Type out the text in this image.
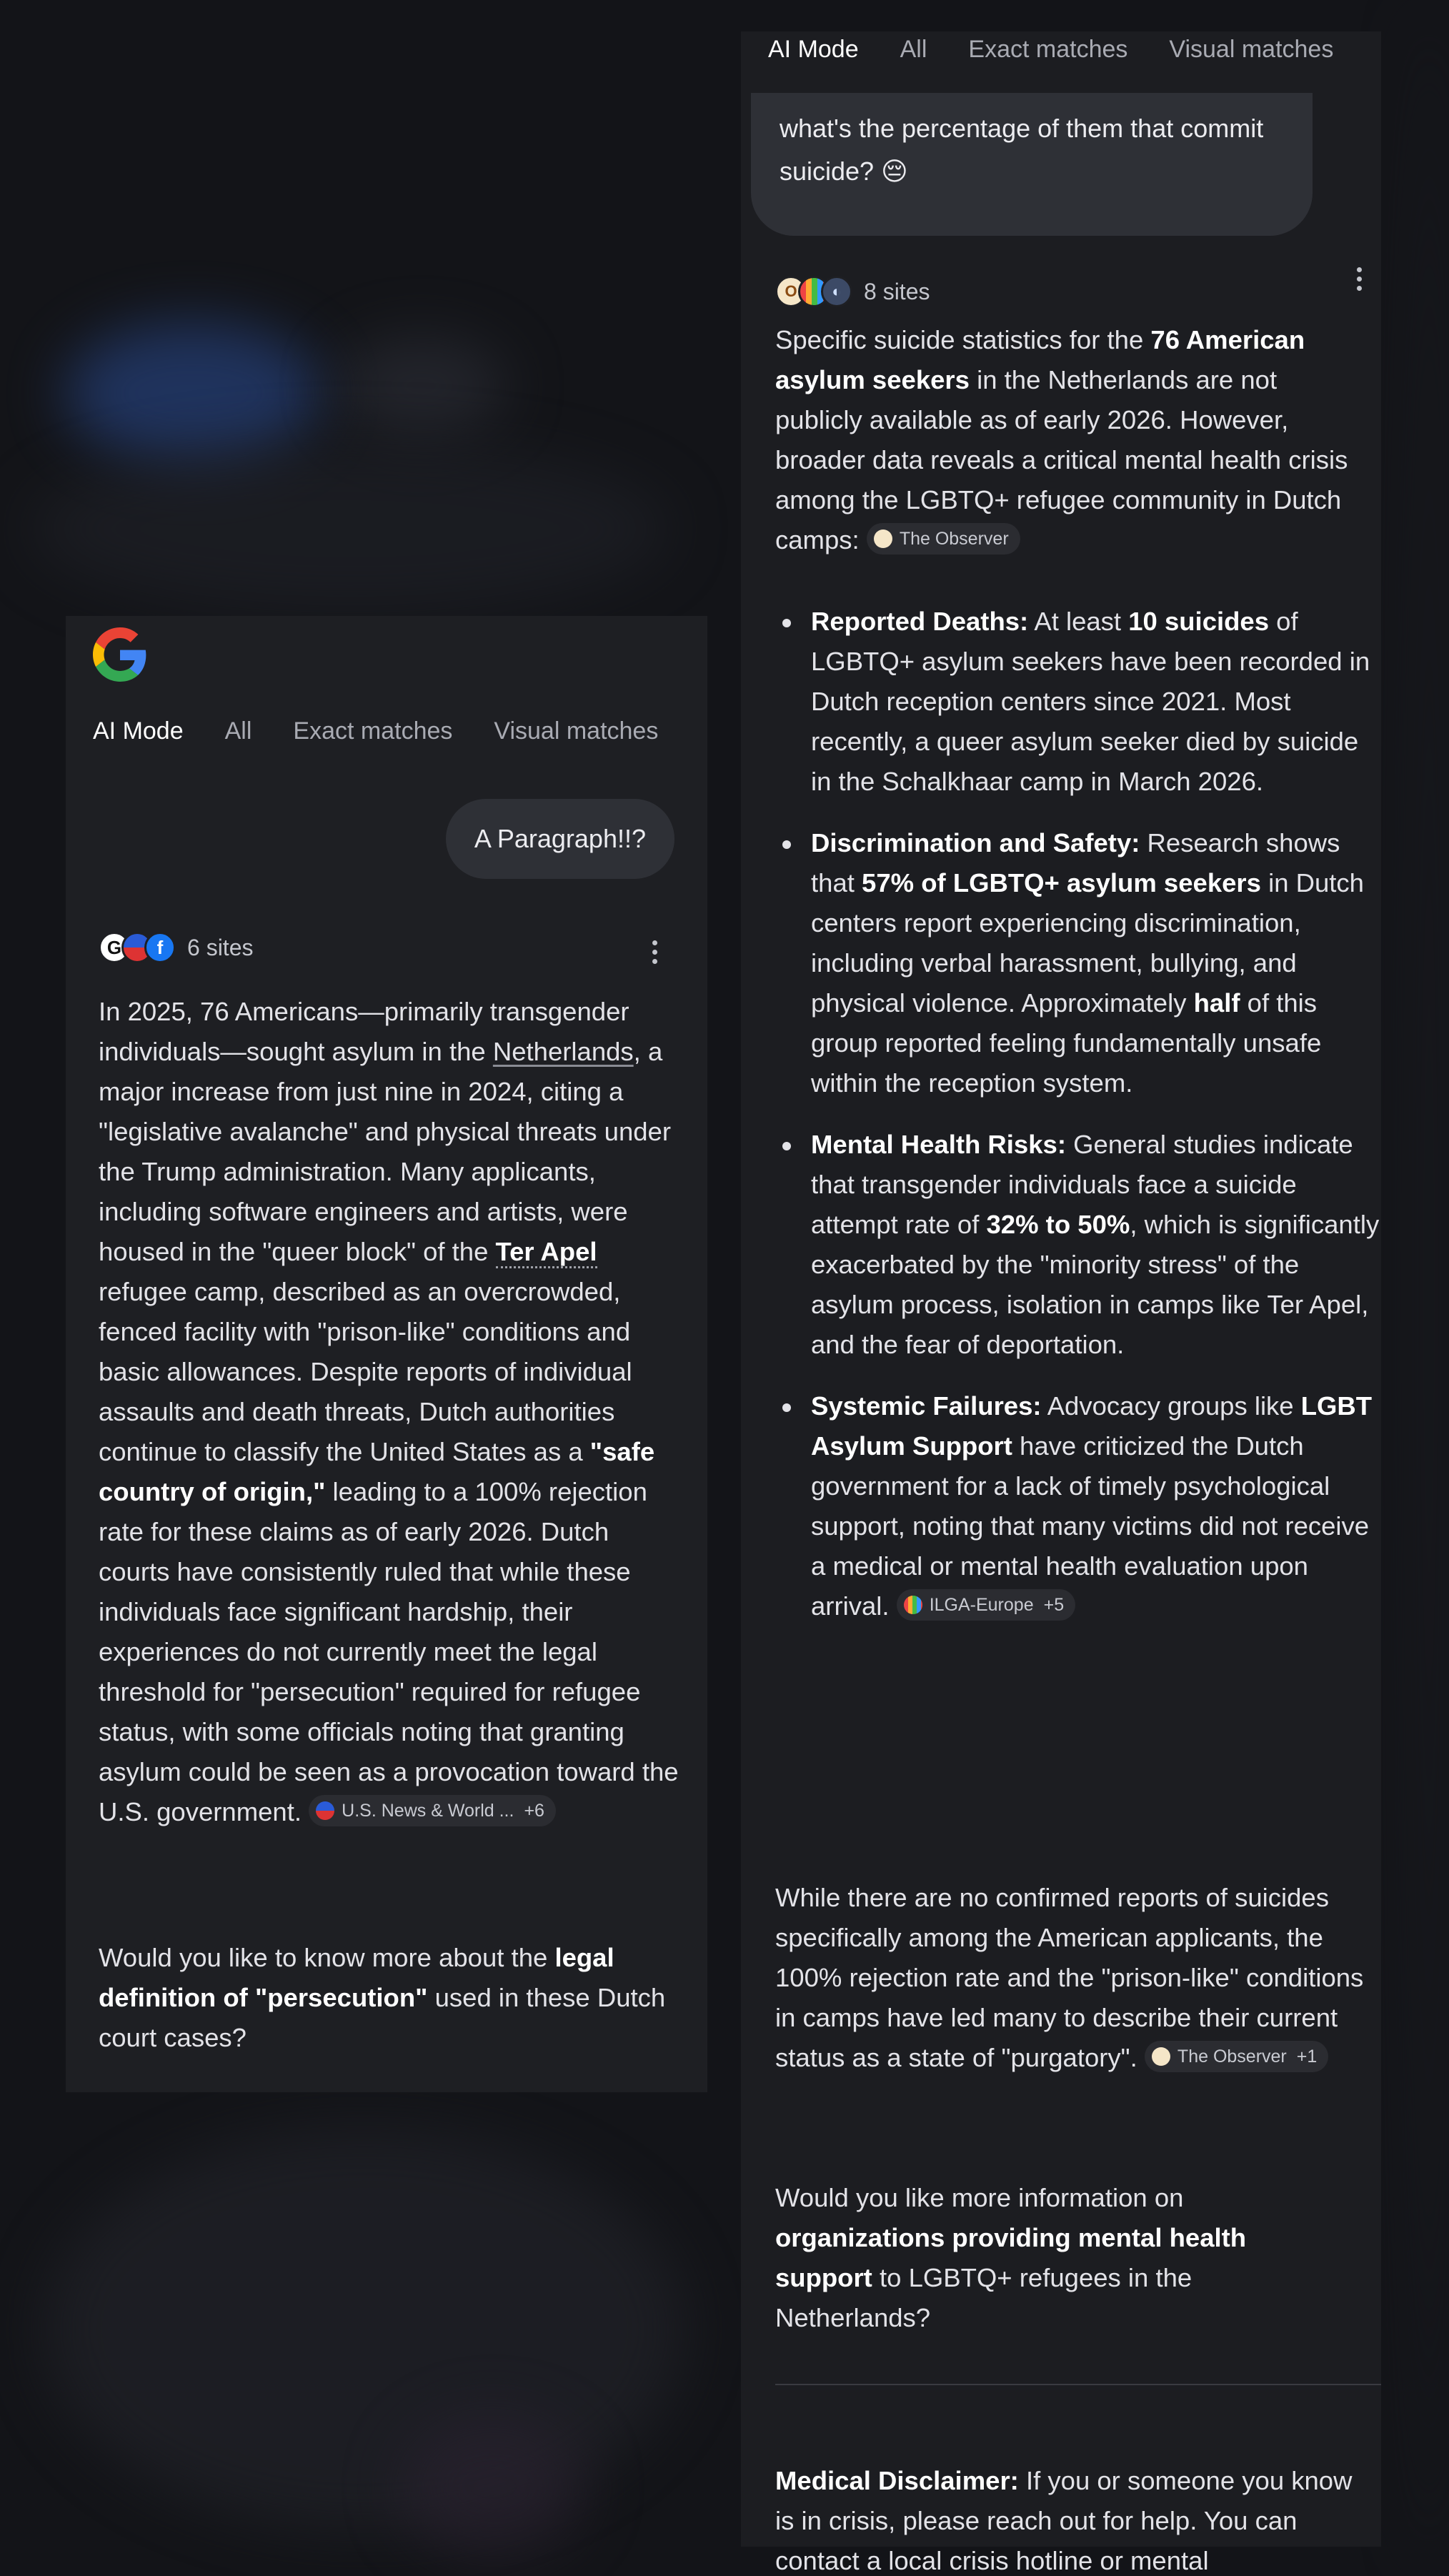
AI Mode All Exact matches Visual matches
A Paragraph!!?
G	f	6 sites
In 2025, 76 Americans—primarily transgender individuals—sought asylum in the Netherlands, a major increase from just nine in 2024, citing a "legislative avalanche" and physical threats under the Trump administration. Many applicants, including software engineers and artists, were housed in the "queer block" of the Ter Apel refugee camp, described as an overcrowded, fenced facility with "prison-like" conditions and basic allowances. Despite reports of individual assaults and death threats, Dutch authorities continue to classify the United States as a "safe country of origin," leading to a 100% rejection rate for these claims as of early 2026. Dutch courts have consistently ruled that while these individuals face significant hardship, their experiences do not currently meet the legal threshold for "persecution" required for refugee status, with some officials noting that granting asylum could be seen as a provocation toward the U.S. government. U.S. News & World ... +6
Would you like to know more about the legal definition of "persecution" used in these Dutch court cases?
AI Mode All Exact matches Visual matches
what's the percentage of them that commit suicide? 😔
O	◐ 8 sites
Specific suicide statistics for the 76 American asylum seekers in the Netherlands are not publicly available as of early 2026. However, broader data reveals a critical mental health crisis among the LGBTQ+ refugee community in Dutch camps: The Observer
Reported Deaths: At least 10 suicides of LGBTQ+ asylum seekers have been recorded in Dutch reception centers since 2021. Most recently, a queer asylum seeker died by suicide in the Schalkhaar camp in March 2026.
Discrimination and Safety: Research shows that 57% of LGBTQ+ asylum seekers in Dutch centers report experiencing discrimination, including verbal harassment, bullying, and physical violence. Approximately half of this group reported feeling fundamentally unsafe within the reception system.
Mental Health Risks: General studies indicate that transgender individuals face a suicide attempt rate of 32% to 50%, which is significantly exacerbated by the "minority stress" of the asylum process, isolation in camps like Ter Apel, and the fear of deportation.
Systemic Failures: Advocacy groups like LGBT Asylum Support have criticized the Dutch government for a lack of timely psychological support, noting that many victims did not receive a medical or mental health evaluation upon arrival. ILGA-Europe +5
While there are no confirmed reports of suicides specifically among the American applicants, the 100% rejection rate and the "prison-like" conditions in camps have led many to describe their current status as a state of "purgatory". The Observer +1
Would you like more information on organizations providing mental health support to LGBTQ+ refugees in the Netherlands?
Medical Disclaimer: If you or someone you know is in crisis, please reach out for help. You can contact a local crisis hotline or mental
